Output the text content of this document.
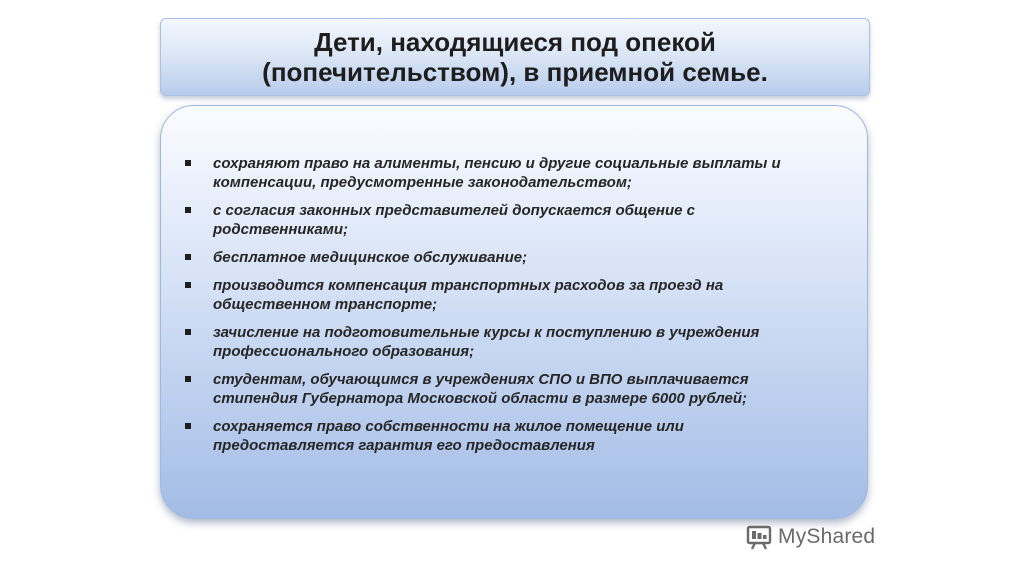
Дети, находящиеся под опекой (попечительством), в приемной семье.
сохраняют право на алименты, пенсию и другие социальные выплаты и компенсации, предусмотренные законодательством;
с согласия законных представителей допускается общение с родственниками;
бесплатное медицинское обслуживание;
производится компенсация транспортных расходов за проезд на общественном транспорте;
зачисление на подготовительные курсы к поступлению в учреждения профессионального образования;
студентам, обучающимся в учреждениях СПО и ВПО выплачивается стипендия Губернатора Московской области в размере 6000 рублей;
сохраняется право собственности на жилое помещение или предоставляется гарантия его предоставления
MyShared
